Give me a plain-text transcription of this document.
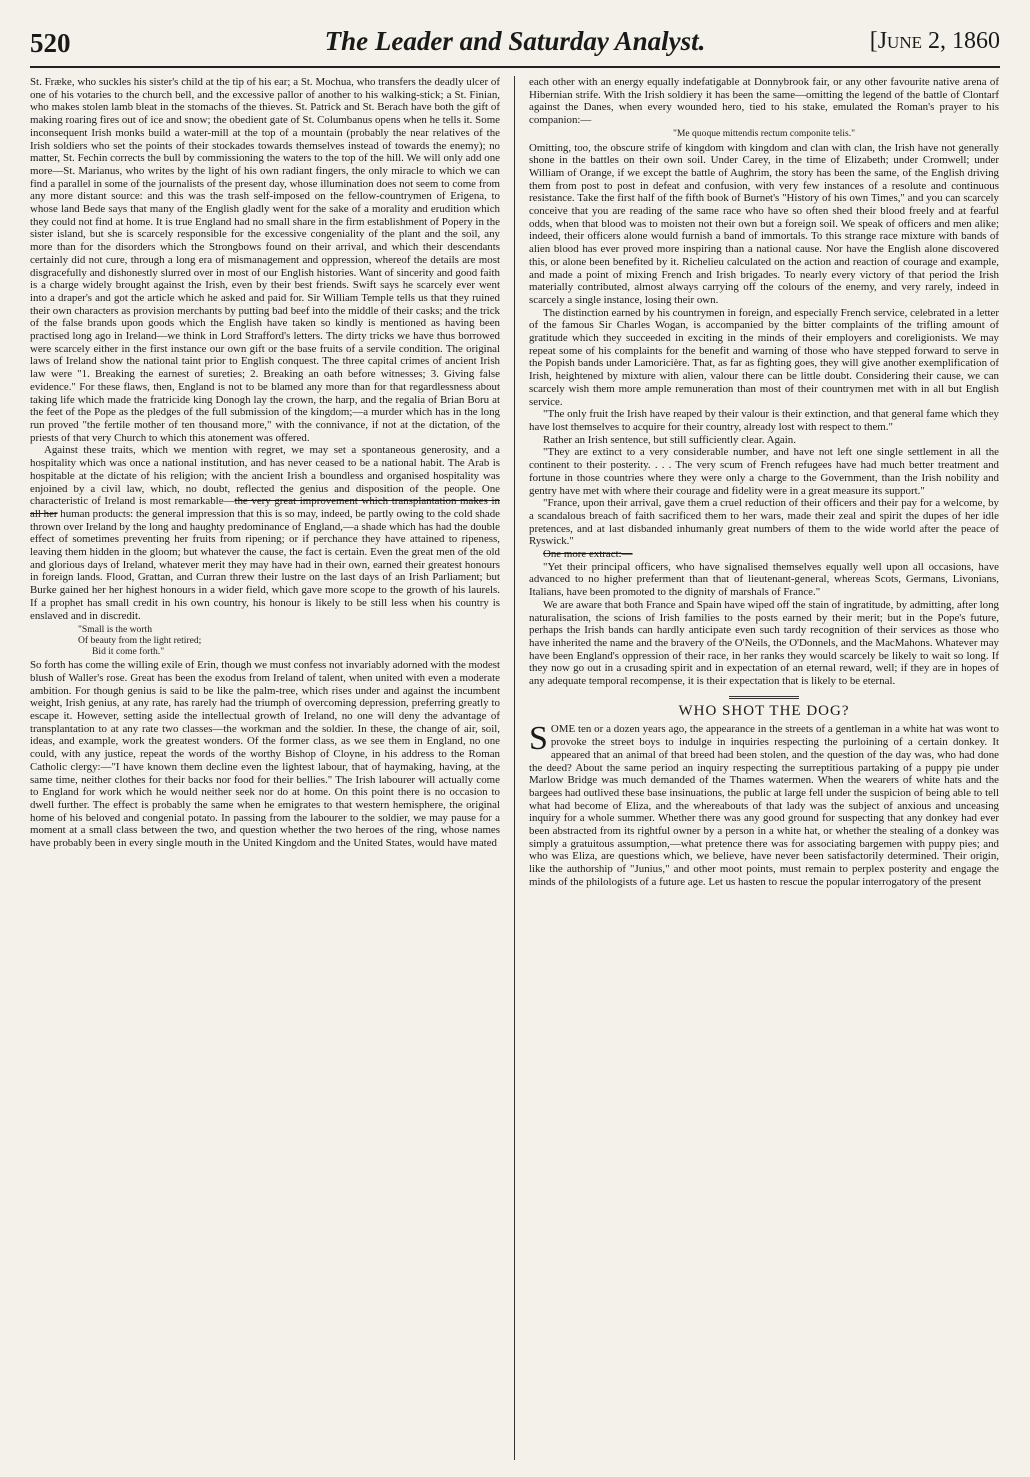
520	The Leader and Saturday Analyst.	[June 2, 1860

St. Fræke, who suckles his sister's child at the tip of his ear; a St. Mochua, who transfers the deadly ulcer of one of his votaries to the church bell, and the excessive pallor of another to his walking-stick; a St. Finian, who makes stolen lamb bleat in the stomachs of the thieves. St. Patrick and St. Berach have both the gift of making roaring fires out of ice and snow; the obedient gate of St. Columbanus opens when he tells it. Some inconsequent Irish monks build a water-mill at the top of a mountain (probably the near relatives of the Irish soldiers who set the points of their stockades towards themselves instead of towards the enemy); no matter, St. Fechin corrects the bull by commissioning the waters to the top of the hill. We will only add one more—St. Marianus, who writes by the light of his own radiant fingers, the only miracle to which we can find a parallel in some of the journalists of the present day, whose illumination does not seem to come from any more distant source: and this was the trash self-imposed on the fellow-countrymen of Erigena, to whose land Bede says that many of the English gladly went for the sake of a morality and erudition which they could not find at home. It is true England had no small share in the firm establishment of Popery in the sister island, but she is scarcely responsible for the excessive congeniality of the plant and the soil, any more than for the disorders which the Strongbows found on their arrival, and which their descendants certainly did not cure, through a long era of mismanagement and oppression, whereof the details are most disgracefully and dishonestly slurred over in most of our English histories. Want of sincerity and good faith is a charge widely brought against the Irish, even by their best friends. Swift says he scarcely ever went into a draper's and got the article which he asked and paid for. Sir William Temple tells us that they ruined their own characters as provision merchants by putting bad beef into the middle of their casks; and the trick of the false brands upon goods which the English have taken so kindly is mentioned as having been practised long ago in Ireland—we think in Lord Strafford's letters. The dirty tricks we have thus borrowed were scarcely either in the first instance our own gift or the base fruits of a servile condition. The original laws of Ireland show the national taint prior to English conquest. The three capital crimes of ancient Irish law were "1. Breaking the earnest of sureties; 2. Breaking an oath before witnesses; 3. Giving false evidence." For these flaws, then, England is not to be blamed any more than for that regardlessness about taking life which made the fratricide king Donogh lay the crown, the harp, and the regalia of Brian Boru at the feet of the Pope as the pledges of the full submission of the kingdom;—a murder which has in the long run proved "the fertile mother of ten thousand more," with the connivance, if not at the dictation, of the priests of that very Church to which this atonement was offered.

Against these traits, which we mention with regret, we may set a spontaneous generosity, and a hospitality which was once a national institution, and has never ceased to be a national habit. The Arab is hospitable at the dictate of his religion; with the ancient Irish a boundless and organised hospitality was enjoined by a civil law, which, no doubt, reflected the genius and disposition of the people. One characteristic of Ireland is most remarkable—the very great improvement which transplantation makes in all her human products: the general impression that this is so may, indeed, be partly owing to the cold shade thrown over Ireland by the long and haughty predominance of England,—a shade which has had the double effect of sometimes preventing her fruits from ripening; or if perchance they have attained to ripeness, leaving them hidden in the gloom; but whatever the cause, the fact is certain. Even the great men of the old and glorious days of Ireland, whatever merit they may have had in their own, earned their greatest honours in foreign lands. Flood, Grattan, and Curran threw their lustre on the last days of an Irish Parliament; but Burke gained her her highest honours in a wider field, which gave more scope to the growth of his laurels. If a prophet has small credit in his own country, his honour is likely to be still less when his country is enslaved and in discredit.

"Small is the worth
Of beauty from the light retired;
Bid it come forth."

So forth has come the willing exile of Erin, though we must confess not invariably adorned with the modest blush of Waller's rose. Great has been the exodus from Ireland of talent, when united with even a moderate ambition. For though genius is said to be like the palm-tree, which rises under and against the incumbent weight, Irish genius, at any rate, has rarely had the triumph of overcoming depression, preferring greatly to escape it. However, setting aside the intellectual growth of Ireland, no one will deny the advantage of transplantation to at any rate two classes—the workman and the soldier. In these, the change of air, soil, ideas, and example, work the greatest wonders. Of the former class, as we see them in England, no one could, with any justice, repeat the words of the worthy Bishop of Cloyne, in his address to the Roman Catholic clergy:—"I have known them decline even the lightest labour, that of haymaking, having, at the same time, neither clothes for their backs nor food for their bellies." The Irish labourer will actually come to England for work which he would neither seek nor do at home. On this point there is no occasion to dwell further. The effect is probably the same when he emigrates to that western hemisphere, the original home of his beloved and congenial potato. In passing from the labourer to the soldier, we may pause for a moment at a small class between the two, and question whether the two heroes of the ring, whose names have probably been in every single mouth in the United Kingdom and the United States, would have mated

each other with an energy equally indefatigable at Donnybrook fair, or any other favourite native arena of Hibernian strife. With the Irish soldiery it has been the same—omitting the legend of the battle of Clontarf against the Danes, when every wounded hero, tied to his stake, emulated the Roman's prayer to his companion:—

"Me quoque mittendis rectum componite telis."

Omitting, too, the obscure strife of kingdom with kingdom and clan with clan, the Irish have not generally shone in the battles on their own soil. Under Carey, in the time of Elizabeth; under Cromwell; under William of Orange, if we except the battle of Aughrim, the story has been the same, of the English driving them from post to post in defeat and confusion, with very few instances of a resolute and continuous resistance. Take the first half of the fifth book of Burnet's "History of his own Times," and you can scarcely conceive that you are reading of the same race who have so often shed their blood freely and at fearful odds, when that blood was to moisten not their own but a foreign soil. We speak of officers and men alike; indeed, their officers alone would furnish a band of immortals. To this strange race mixture with bands of alien blood has ever proved more inspiring than a national cause. Nor have the English alone discovered this, or alone been benefited by it. Richelieu calculated on the action and reaction of courage and example, and made a point of mixing French and Irish brigades. To nearly every victory of that period the Irish materially contributed, almost always carrying off the colours of the enemy, and very rarely, indeed in scarcely a single instance, losing their own.

The distinction earned by his countrymen in foreign, and especially French service, celebrated in a letter of the famous Sir Charles Wogan, is accompanied by the bitter complaints of the trifling amount of gratitude which they succeeded in exciting in the minds of their employers and coreligionists. We may repeat some of his complaints for the benefit and warning of those who have stepped forward to serve in the Popish bands under Lamoricière. That, as far as fighting goes, they will give another exemplification of Irish, heightened by mixture with alien, valour there can be little doubt. Considering their cause, we can scarcely wish them more ample remuneration than most of their countrymen met with in all but English service.

"The only fruit the Irish have reaped by their valour is their extinction, and that general fame which they have lost themselves to acquire for their country, already lost with respect to them."

Rather an Irish sentence, but still sufficiently clear. Again.

"They are extinct to a very considerable number, and have not left one single settlement in all the continent to their posterity. . . . The very scum of French refugees have had much better treatment and fortune in those countries where they were only a charge to the Government, than the Irish nobility and gentry have met with where their courage and fidelity were in a great measure its support."

"France, upon their arrival, gave them a cruel reduction of their officers and their pay for a welcome, by a scandalous breach of faith sacrificed them to her wars, made their zeal and spirit the dupes of her idle pretences, and at last disbanded inhumanly great numbers of them to the wide world after the peace of Ryswick."

One more extract:—

"Yet their principal officers, who have signalised themselves equally well upon all occasions, have advanced to no higher preferment than that of lieutenant-general, whereas Scots, Germans, Livonians, Italians, have been promoted to the dignity of marshals of France."

We are aware that both France and Spain have wiped off the stain of ingratitude, by admitting, after long naturalisation, the scions of Irish families to the posts earned by their merit; but in the Pope's future, perhaps the Irish bands can hardly anticipate even such tardy recognition of their services as those who have inherited the name and the bravery of the O'Neils, the O'Donnels, and the MacMahons. Whatever may have been England's oppression of their race, in her ranks they would scarcely be likely to wait so long. If they now go out in a crusading spirit and in expectation of an eternal reward, well; if they are in hopes of any adequate temporal recompense, it is their expectation that is likely to be eternal.

WHO SHOT THE DOG?

SOME ten or a dozen years ago, the appearance in the streets of a gentleman in a white hat was wont to provoke the street boys to indulge in inquiries respecting the purloining of a certain donkey. It appeared that an animal of that breed had been stolen, and the question of the day was, who had done the deed? About the same period an inquiry respecting the surreptitious partaking of a puppy pie under Marlow Bridge was much demanded of the Thames watermen. When the wearers of white hats and the bargees had outlived these base insinuations, the public at large fell under the suspicion of being able to tell what had become of Eliza, and the whereabouts of that lady was the subject of anxious and unceasing inquiry for a whole summer. Whether there was any good ground for suspecting that any donkey had ever been abstracted from its rightful owner by a person in a white hat, or whether the stealing of a donkey was simply a gratuitous assumption,—what pretence there was for associating bargemen with puppy pies; and who was Eliza, are questions which, we believe, have never been satisfactorily determined. Their origin, like the authorship of "Junius," and other moot points, must remain to perplex posterity and engage the minds of the philologists of a future age. Let us hasten to rescue the popular interrogatory of the present
